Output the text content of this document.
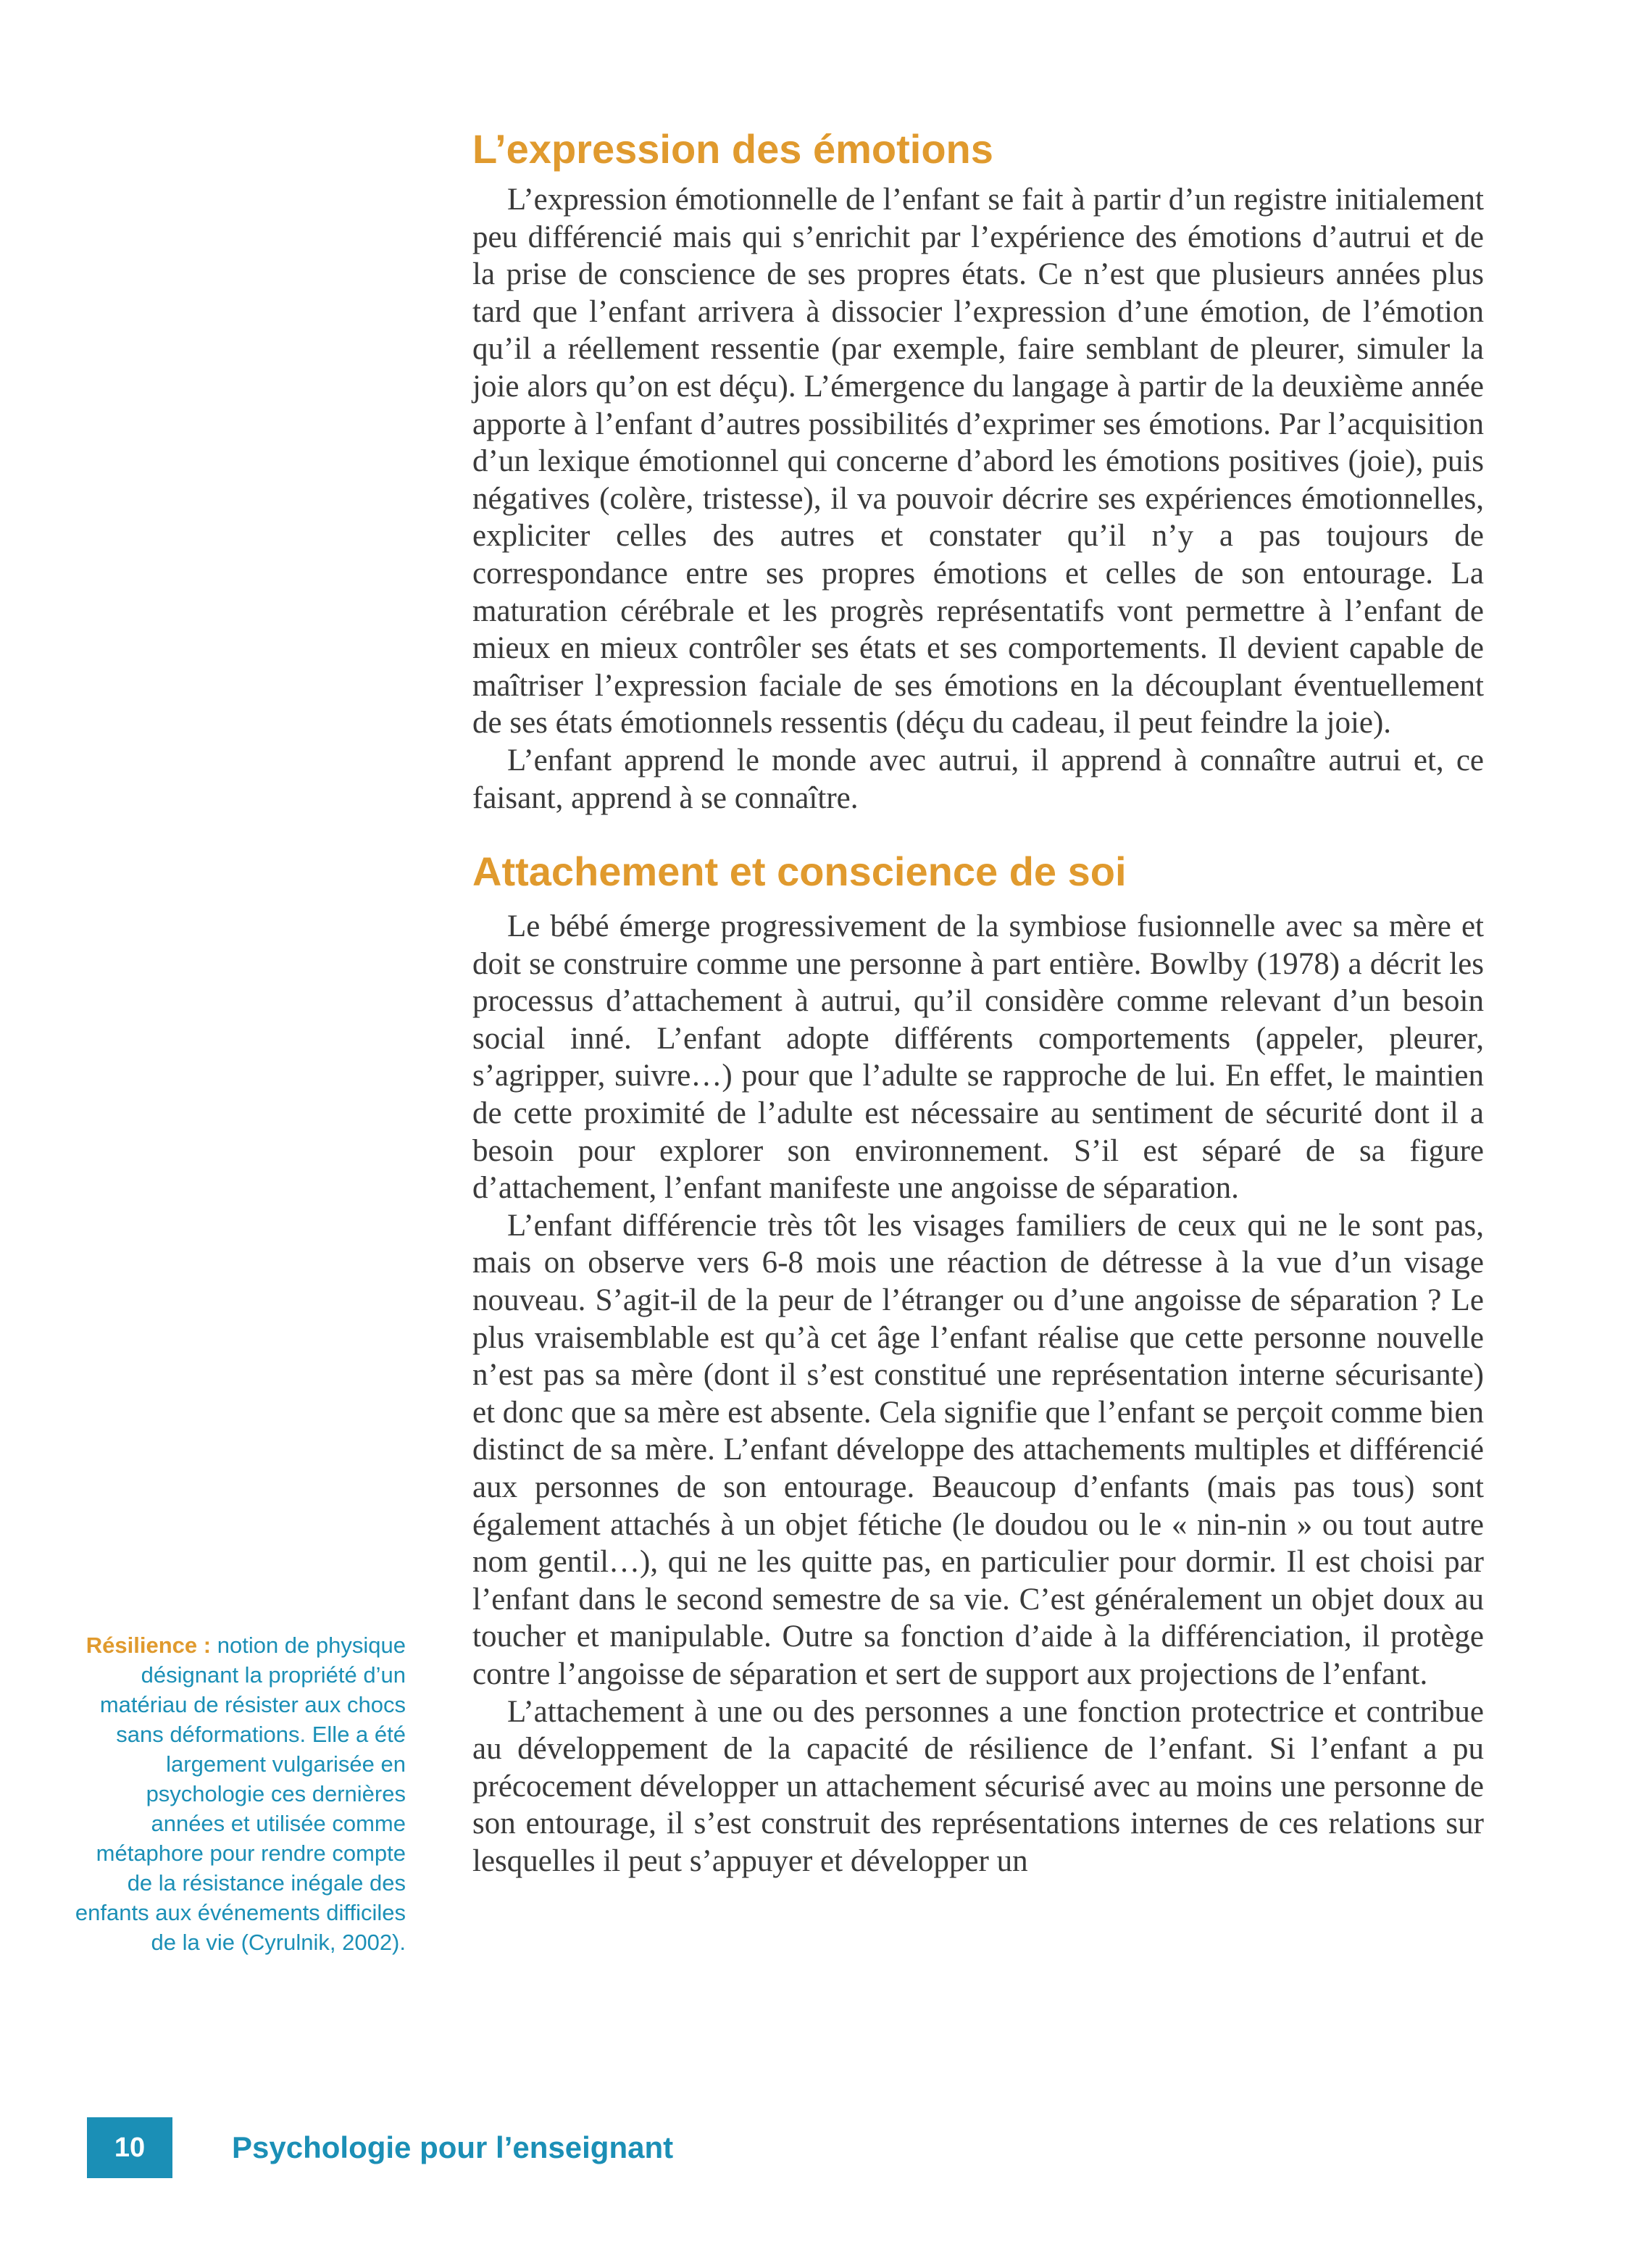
L’expression des émotions

L’expression émotionnelle de l’enfant se fait à partir d’un registre initialement peu différencié mais qui s’enrichit par l’expérience des émotions d’autrui et de la prise de conscience de ses propres états. Ce n’est que plusieurs années plus tard que l’enfant arrivera à dissocier l’expression d’une émotion, de l’émotion qu’il a réellement ressentie (par exemple, faire semblant de pleurer, simuler la joie alors qu’on est déçu). L’émergence du langage à partir de la deuxième année apporte à l’enfant d’autres possibilités d’exprimer ses émotions. Par l’acquisition d’un lexique émotionnel qui concerne d’abord les émotions positives (joie), puis négatives (colère, tristesse), il va pouvoir décrire ses expériences émotionnelles, expliciter celles des autres et constater qu’il n’y a pas toujours de correspondance entre ses propres émotions et celles de son entourage. La maturation cérébrale et les progrès représentatifs vont permettre à l’enfant de mieux en mieux contrôler ses états et ses comportements. Il devient capable de maîtriser l’expression faciale de ses émotions en la découplant éventuellement de ses états émotionnels ressentis (déçu du cadeau, il peut feindre la joie).

L’enfant apprend le monde avec autrui, il apprend à connaître autrui et, ce faisant, apprend à se connaître.

Attachement et conscience de soi

Le bébé émerge progressivement de la symbiose fusionnelle avec sa mère et doit se construire comme une personne à part entière. Bowlby (1978) a décrit les processus d’attachement à autrui, qu’il considère comme relevant d’un besoin social inné. L’enfant adopte différents comportements (appeler, pleurer, s’agripper, suivre…) pour que l’adulte se rapproche de lui. En effet, le maintien de cette proximité de l’adulte est nécessaire au sentiment de sécurité dont il a besoin pour explorer son environnement. S’il est séparé de sa figure d’attachement, l’enfant manifeste une angoisse de séparation.

L’enfant différencie très tôt les visages familiers de ceux qui ne le sont pas, mais on observe vers 6-8 mois une réaction de détresse à la vue d’un visage nouveau. S’agit-il de la peur de l’étranger ou d’une angoisse de séparation ? Le plus vraisemblable est qu’à cet âge l’enfant réalise que cette personne nouvelle n’est pas sa mère (dont il s’est constitué une représentation interne sécurisante) et donc que sa mère est absente. Cela signifie que l’enfant se perçoit comme bien distinct de sa mère. L’enfant développe des attachements multiples et différencié aux personnes de son entourage. Beaucoup d’enfants (mais pas tous) sont également attachés à un objet fétiche (le doudou ou le « nin-nin » ou tout autre nom gentil…), qui ne les quitte pas, en particulier pour dormir. Il est choisi par l’enfant dans le second semestre de sa vie. C’est généralement un objet doux au toucher et manipulable. Outre sa fonction d’aide à la différenciation, il protège contre l’angoisse de séparation et sert de support aux projections de l’enfant.

L’attachement à une ou des personnes a une fonction protectrice et contribue au développement de la capacité de résilience de l’enfant. Si l’enfant a pu précocement développer un attachement sécurisé avec au moins une personne de son entourage, il s’est construit des représentations internes de ces relations sur lesquelles il peut s’appuyer et développer un

Résilience : notion de physique désignant la propriété d’un matériau de résister aux chocs sans déformations. Elle a été largement vulgarisée en psychologie ces dernières années et utilisée comme métaphore pour rendre compte de la résistance inégale des enfants aux événements difficiles de la vie (Cyrulnik, 2002).
10	Psychologie pour l’enseignant
